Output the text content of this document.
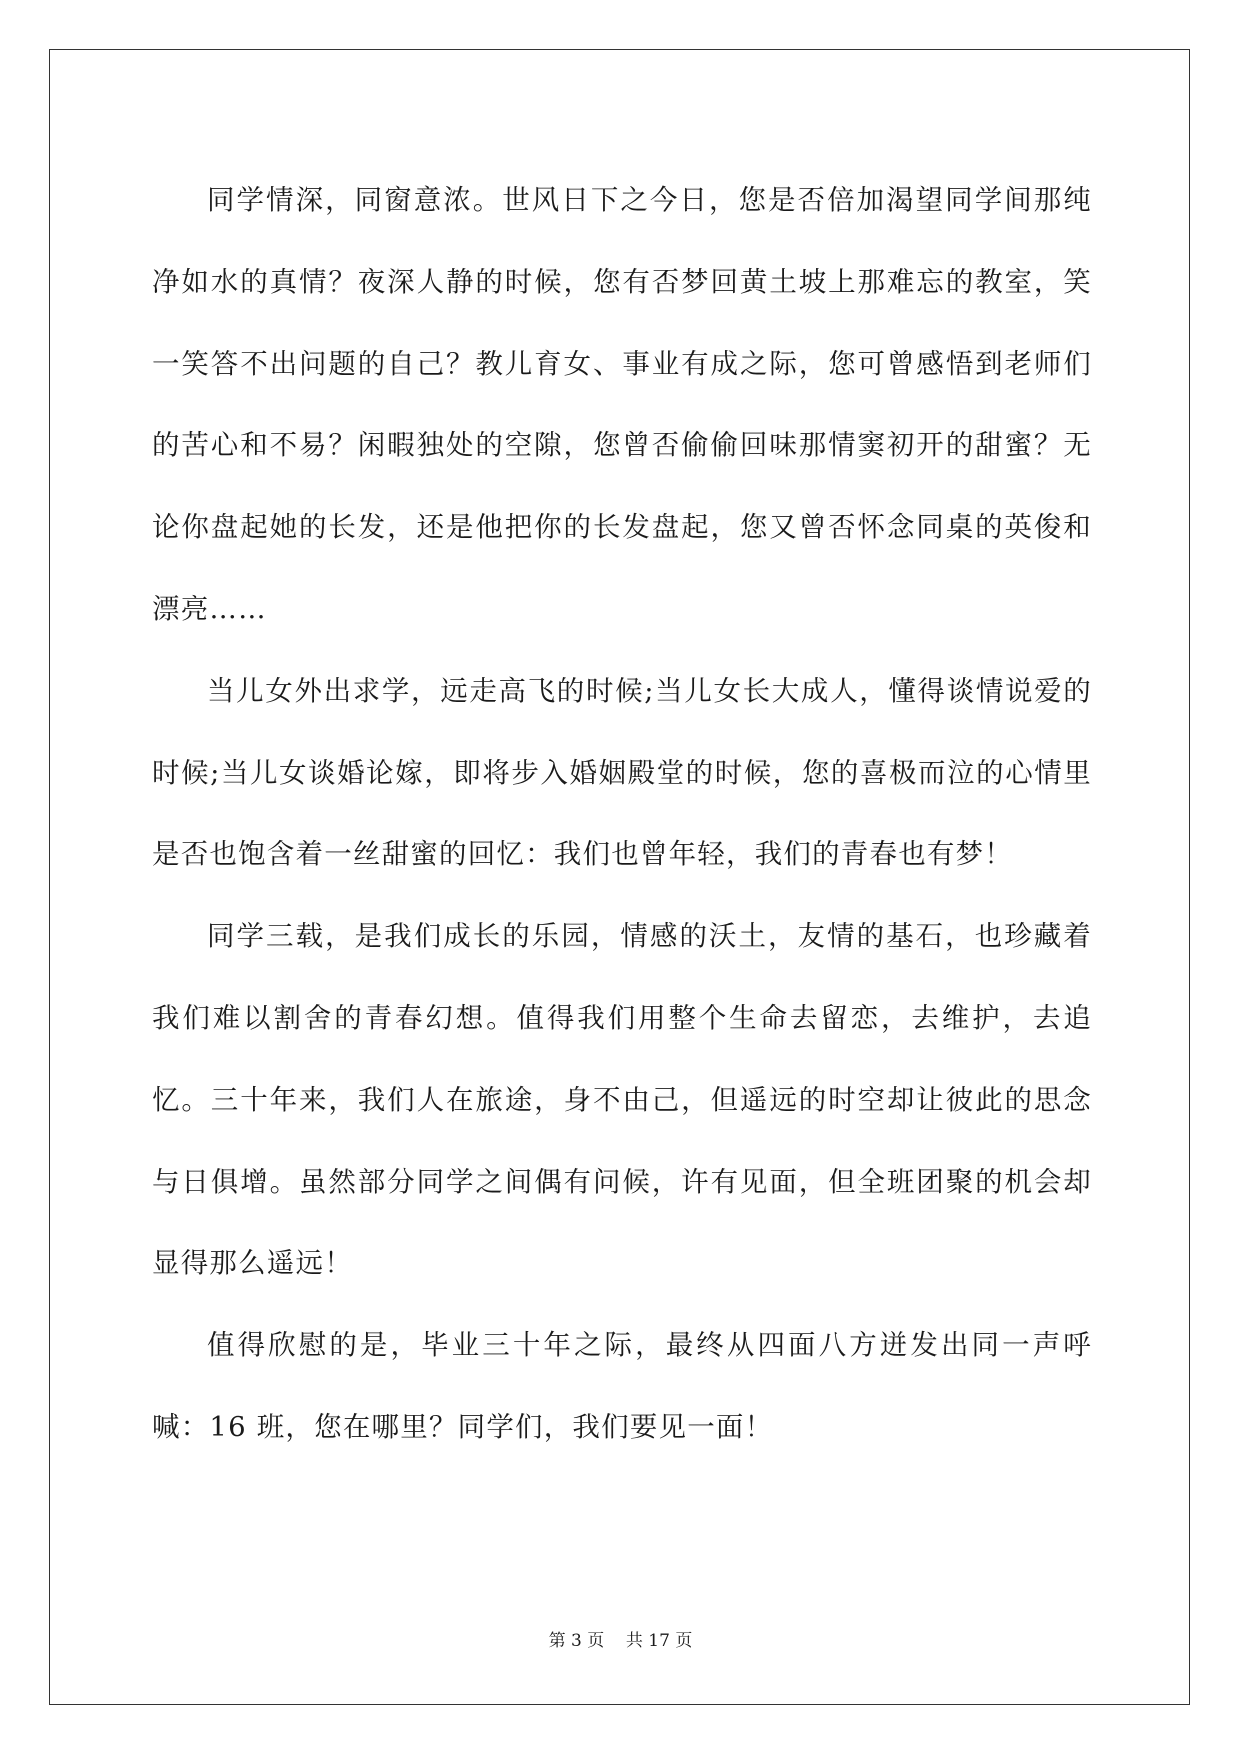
同学情深，同窗意浓。世风日下之今日，您是否倍加渴望同学间那纯净如水的真情？夜深人静的时候，您有否梦回黄土坡上那难忘的教室，笑一笑答不出问题的自己？教儿育女、事业有成之际，您可曾感悟到老师们的苦心和不易？闲暇独处的空隙，您曾否偷偷回味那情窦初开的甜蜜？无论你盘起她的长发，还是他把你的长发盘起，您又曾否怀念同桌的英俊和漂亮……

当儿女外出求学，远走高飞的时候;当儿女长大成人，懂得谈情说爱的时候;当儿女谈婚论嫁，即将步入婚姻殿堂的时候，您的喜极而泣的心情里是否也饱含着一丝甜蜜的回忆：我们也曾年轻，我们的青春也有梦！

同学三载，是我们成长的乐园，情感的沃土，友情的基石，也珍藏着我们难以割舍的青春幻想。值得我们用整个生命去留恋，去维护，去追忆。三十年来，我们人在旅途，身不由己，但遥远的时空却让彼此的思念与日俱增。虽然部分同学之间偶有问候，许有见面，但全班团聚的机会却显得那么遥远！

值得欣慰的是，毕业三十年之际，最终从四面八方迸发出同一声呼喊：16 班，您在哪里？同学们，我们要见一面！

第 3 页    共 17 页
